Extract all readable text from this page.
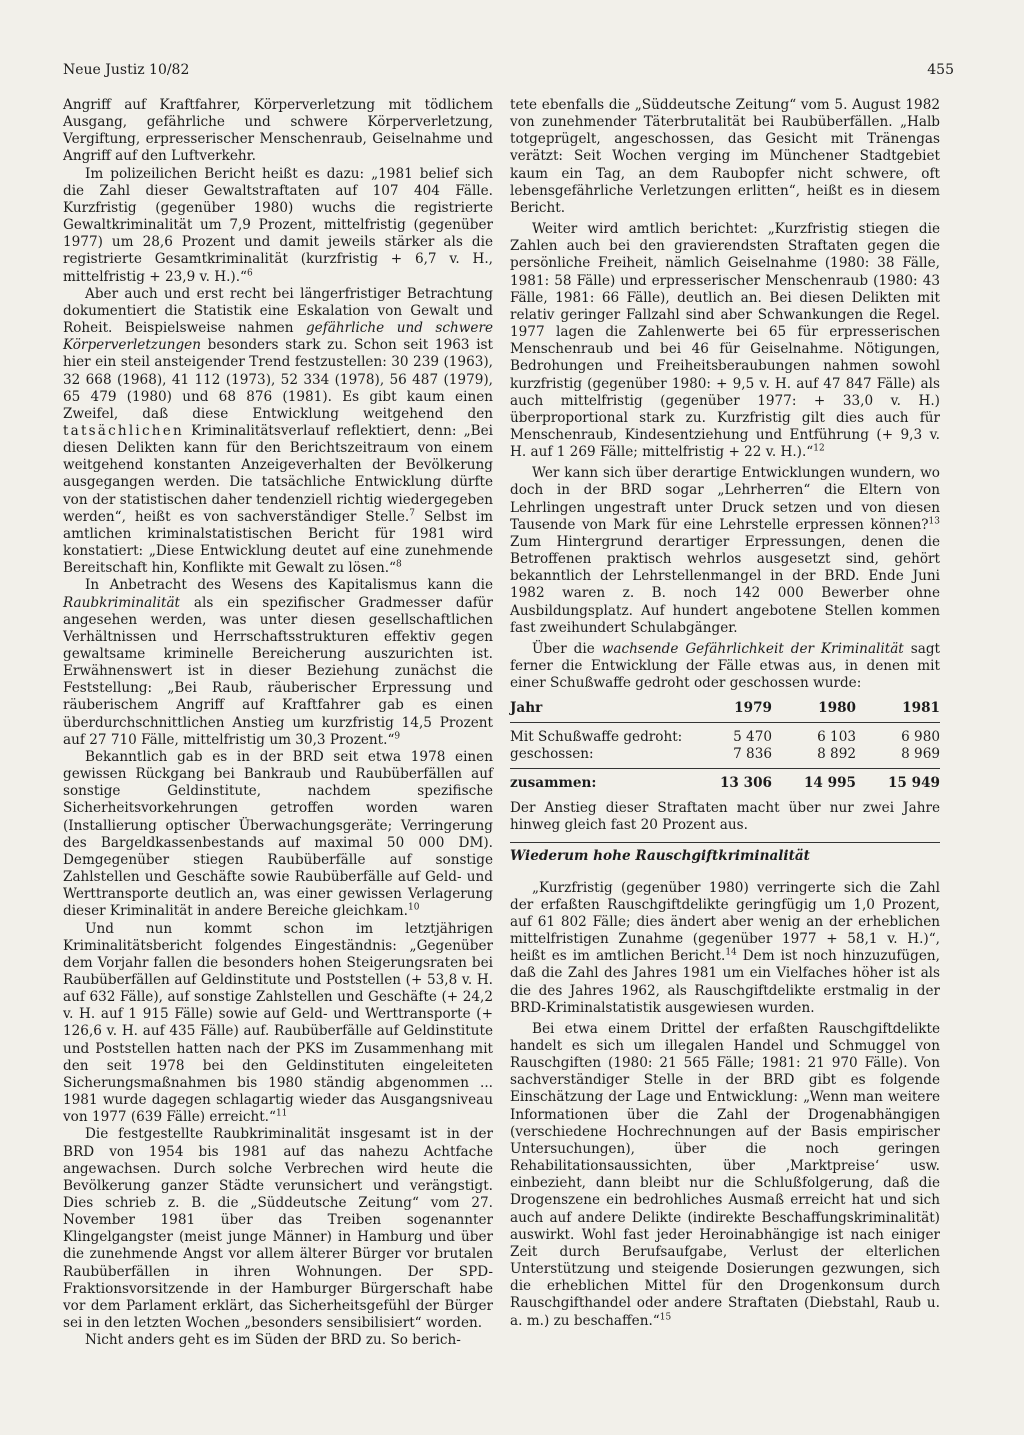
Neue Justiz 10/82	455

Angriff auf Kraftfahrer, Körperverletzung mit tödlichem Ausgang, gefährliche und schwere Körperverletzung, Vergiftung, erpresserischer Menschenraub, Geiselnahme und Angriff auf den Luftverkehr.

Im polizeilichen Bericht heißt es dazu: „1981 belief sich die Zahl dieser Gewaltstraftaten auf 107 404 Fälle. Kurzfristig (gegenüber 1980) wuchs die registrierte Gewaltkriminalität um 7,9 Prozent, mittelfristig (gegenüber 1977) um 28,6 Prozent und damit jeweils stärker als die registrierte Gesamtkriminalität (kurzfristig + 6,7 v. H., mittelfristig + 23,9 v. H.).“$^6$

Aber auch und erst recht bei längerfristiger Betrachtung dokumentiert die Statistik eine Eskalation von Gewalt und Roheit. Beispielsweise nahmen gefährliche und schwere Körperverletzungen besonders stark zu. Schon seit 1963 ist hier ein steil ansteigender Trend festzustellen: 30 239 (1963), 32 668 (1968), 41 112 (1973), 52 334 (1978), 56 487 (1979), 65 479 (1980) und 68 876 (1981). Es gibt kaum einen Zweifel, daß diese Entwicklung weitgehend den tatsächlichen Kriminalitätsverlauf reflektiert, denn: „Bei diesen Delikten kann für den Berichtszeitraum von einem weitgehend konstanten Anzeigeverhalten der Bevölkerung ausgegangen werden. Die tatsächliche Entwicklung dürfte von der statistischen daher tendenziell richtig wiedergegeben werden“, heißt es von sachverständiger Stelle.$^7$ Selbst im amtlichen kriminalstatistischen Bericht für 1981 wird konstatiert: „Diese Entwicklung deutet auf eine zunehmende Bereitschaft hin, Konflikte mit Gewalt zu lösen.“$^8$

In Anbetracht des Wesens des Kapitalismus kann die Raubkriminalität als ein spezifischer Gradmesser dafür angesehen werden, was unter diesen gesellschaftlichen Verhältnissen und Herrschaftsstrukturen effektiv gegen gewaltsame kriminelle Bereicherung auszurichten ist. Erwähnenswert ist in dieser Beziehung zunächst die Feststellung: „Bei Raub, räuberischer Erpressung und räuberischem Angriff auf Kraftfahrer gab es einen überdurchschnittlichen Anstieg um kurzfristig 14,5 Prozent auf 27 710 Fälle, mittelfristig um 30,3 Prozent.“$^9$

Bekanntlich gab es in der BRD seit etwa 1978 einen gewissen Rückgang bei Bankraub und Raubüberfällen auf sonstige Geldinstitute, nachdem spezifische Sicherheitsvorkehrungen getroffen worden waren (Installierung optischer Überwachungsgeräte; Verringerung des Bargeldkassenbestands auf maximal 50 000 DM). Demgegenüber stiegen Raubüberfälle auf sonstige Zahlstellen und Geschäfte sowie Raubüberfälle auf Geld- und Werttransporte deutlich an, was einer gewissen Verlagerung dieser Kriminalität in andere Bereiche gleichkam.$^{10}$

Und nun kommt schon im letztjährigen Kriminalitätsbericht folgendes Eingeständnis: „Gegenüber dem Vorjahr fallen die besonders hohen Steigerungsraten bei Raubüberfällen auf Geldinstitute und Poststellen (+ 53,8 v. H. auf 632 Fälle), auf sonstige Zahlstellen und Geschäfte (+ 24,2 v. H. auf 1 915 Fälle) sowie auf Geld- und Werttransporte (+ 126,6 v. H. auf 435 Fälle) auf. Raubüberfälle auf Geldinstitute und Poststellen hatten nach der PKS im Zusammenhang mit den seit 1978 bei den Geldinstituten eingeleiteten Sicherungsmaßnahmen bis 1980 ständig abgenommen ... 1981 wurde dagegen schlagartig wieder das Ausgangsniveau von 1977 (639 Fälle) erreicht.“$^{11}$

Die festgestellte Raubkriminalität insgesamt ist in der BRD von 1954 bis 1981 auf das nahezu Achtfache angewachsen. Durch solche Verbrechen wird heute die Bevölkerung ganzer Städte verunsichert und verängstigt. Dies schrieb z. B. die „Süddeutsche Zeitung“ vom 27. November 1981 über das Treiben sogenannter Klingelgangster (meist junge Männer) in Hamburg und über die zunehmende Angst vor allem älterer Bürger vor brutalen Raubüberfällen in ihren Wohnungen. Der SPD-Fraktionsvorsitzende in der Hamburger Bürgerschaft habe vor dem Parlament erklärt, das Sicherheitsgefühl der Bürger sei in den letzten Wochen „besonders sensibilisiert“ worden.

Nicht anders geht es im Süden der BRD zu. So berich-

tete ebenfalls die „Süddeutsche Zeitung“ vom 5. August 1982 von zunehmender Täterbrutalität bei Raubüberfällen. „Halb totgeprügelt, angeschossen, das Gesicht mit Tränengas verätzt: Seit Wochen verging im Münchener Stadtgebiet kaum ein Tag, an dem Raubopfer nicht schwere, oft lebensgefährliche Verletzungen erlitten“, heißt es in diesem Bericht.

Weiter wird amtlich berichtet: „Kurzfristig stiegen die Zahlen auch bei den gravierendsten Straftaten gegen die persönliche Freiheit, nämlich Geiselnahme (1980: 38 Fälle, 1981: 58 Fälle) und erpresserischer Menschenraub (1980: 43 Fälle, 1981: 66 Fälle), deutlich an. Bei diesen Delikten mit relativ geringer Fallzahl sind aber Schwankungen die Regel. 1977 lagen die Zahlenwerte bei 65 für erpresserischen Menschenraub und bei 46 für Geiselnahme. Nötigungen, Bedrohungen und Freiheitsberaubungen nahmen sowohl kurzfristig (gegenüber 1980: + 9,5 v. H. auf 47 847 Fälle) als auch mittelfristig (gegenüber 1977: + 33,0 v. H.) überproportional stark zu. Kurzfristig gilt dies auch für Menschenraub, Kindesentziehung und Entführung (+ 9,3 v. H. auf 1 269 Fälle; mittelfristig + 22 v. H.).“$^{12}$

Wer kann sich über derartige Entwicklungen wundern, wo doch in der BRD sogar „Lehrherren“ die Eltern von Lehrlingen ungestraft unter Druck setzen und von diesen Tausende von Mark für eine Lehrstelle erpressen können?$^{13}$ Zum Hintergrund derartiger Erpressungen, denen die Betroffenen praktisch wehrlos ausgesetzt sind, gehört bekanntlich der Lehrstellenmangel in der BRD. Ende Juni 1982 waren z. B. noch 142 000 Bewerber ohne Ausbildungsplatz. Auf hundert angebotene Stellen kommen fast zweihundert Schulabgänger.

Über die wachsende Gefährlichkeit der Kriminalität sagt ferner die Entwicklung der Fälle etwas aus, in denen mit einer Schußwaffe gedroht oder geschossen wurde:

Jahr	1979	1980	1981
Mit Schußwaffe gedroht:	5 470	6 103	6 980
geschossen:	7 836	8 892	8 969
zusammen:	13 306	14 995	15 949

Der Anstieg dieser Straftaten macht über nur zwei Jahre hinweg gleich fast 20 Prozent aus.

Wiederum hohe Rauschgiftkriminalität

„Kurzfristig (gegenüber 1980) verringerte sich die Zahl der erfaßten Rauschgiftdelikte geringfügig um 1,0 Prozent, auf 61 802 Fälle; dies ändert aber wenig an der erheblichen mittelfristigen Zunahme (gegenüber 1977 + 58,1 v. H.)“, heißt es im amtlichen Bericht.$^{14}$ Dem ist noch hinzuzufügen, daß die Zahl des Jahres 1981 um ein Vielfaches höher ist als die des Jahres 1962, als Rauschgiftdelikte erstmalig in der BRD-Kriminalstatistik ausgewiesen wurden.

Bei etwa einem Drittel der erfaßten Rauschgiftdelikte handelt es sich um illegalen Handel und Schmuggel von Rauschgiften (1980: 21 565 Fälle; 1981: 21 970 Fälle). Von sachverständiger Stelle in der BRD gibt es folgende Einschätzung der Lage und Entwicklung: „Wenn man weitere Informationen über die Zahl der Drogenabhängigen (verschiedene Hochrechnungen auf der Basis empirischer Untersuchungen), über die noch geringen Rehabilitationsaussichten, über ‚Marktpreise‘ usw. einbezieht, dann bleibt nur die Schlußfolgerung, daß die Drogenszene ein bedrohliches Ausmaß erreicht hat und sich auch auf andere Delikte (indirekte Beschaffungskriminalität) auswirkt. Wohl fast jeder Heroinabhängige ist nach einiger Zeit durch Berufsaufgabe, Verlust der elterlichen Unterstützung und steigende Dosierungen gezwungen, sich die erheblichen Mittel für den Drogenkonsum durch Rauschgifthandel oder andere Straftaten (Diebstahl, Raub u. a. m.) zu beschaffen.“$^{15}$
